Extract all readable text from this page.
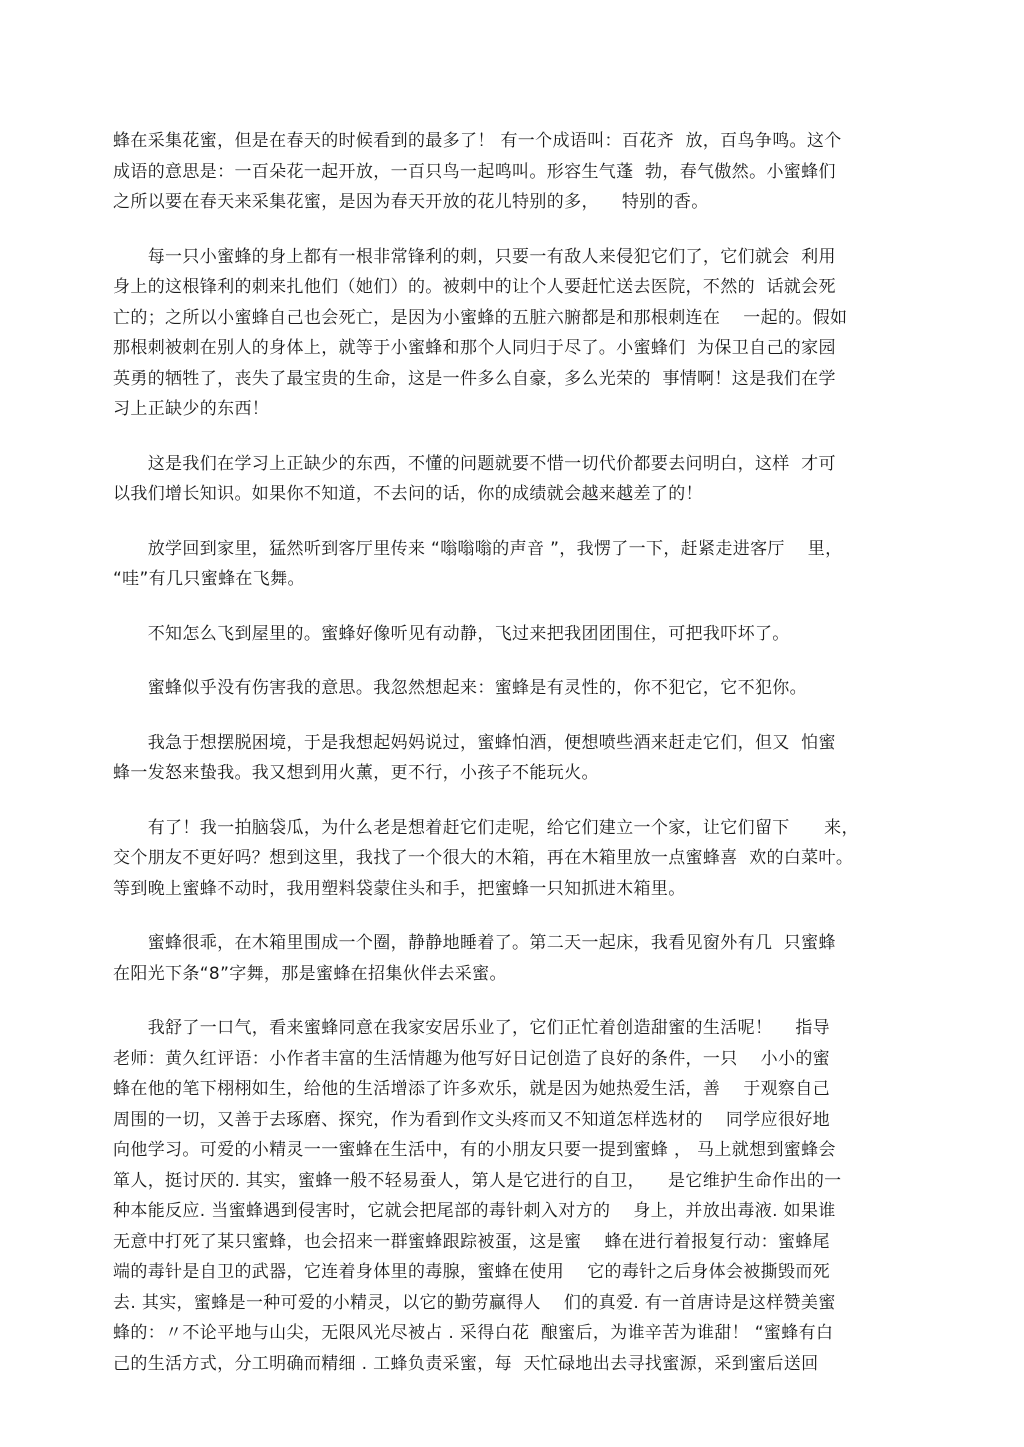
蜂在采集花蜜，但是在春天的时候看到的最多了！ 有一个成语叫：百花齐  放，百鸟争鸣。这个
成语的意思是：一百朵花一起开放，一百只鸟一起鸣叫。形容生气蓬  勃，春气傲然。小蜜蜂们
之所以要在春天来采集花蜜，是因为春天开放的花儿特别的多，    特别的香。

　　每一只小蜜蜂的身上都有一根非常锋利的刺，只要一有敌人来侵犯它们了，它们就会  利用
身上的这根锋利的刺来扎他们（她们）的。被刺中的让个人要赶忙送去医院，不然的  话就会死
亡的；之所以小蜜蜂自己也会死亡，是因为小蜜蜂的五脏六腑都是和那根刺连在    一起的。假如
那根刺被刺在别人的身体上，就等于小蜜蜂和那个人同归于尽了。小蜜蜂们  为保卫自己的家园
英勇的牺牲了，丧失了最宝贵的生命，这是一件多么自豪，多么光荣的  事情啊！这是我们在学
习上正缺少的东西！

　　这是我们在学习上正缺少的东西，不懂的问题就要不惜一切代价都要去问明白，这样  才可
以我们增长知识。如果你不知道，不去问的话，你的成绩就会越来越差了的！

　　放学回到家里，猛然听到客厅里传来 “嗡嗡嗡的声音 ”，我愣了一下，赶紧走进客厅    里，
“哇”有几只蜜蜂在飞舞。

　　不知怎么飞到屋里的。蜜蜂好像听见有动静，飞过来把我团团围住，可把我吓坏了。

　　蜜蜂似乎没有伤害我的意思。我忽然想起来：蜜蜂是有灵性的，你不犯它，它不犯你。

　　我急于想摆脱困境，于是我想起妈妈说过，蜜蜂怕酒，便想喷些酒来赶走它们，但又  怕蜜
蜂一发怒来蛰我。我又想到用火薰，更不行，小孩子不能玩火。

　　有了！我一拍脑袋瓜，为什么老是想着赶它们走呢，给它们建立一个家，让它们留下      来，
交个朋友不更好吗？想到这里，我找了一个很大的木箱，再在木箱里放一点蜜蜂喜  欢的白菜叶。
等到晚上蜜蜂不动时，我用塑料袋蒙住头和手，把蜜蜂一只知抓进木箱里。

　　蜜蜂很乖，在木箱里围成一个圈，静静地睡着了。第二天一起床，我看见窗外有几  只蜜蜂
在阳光下条“8”字舞，那是蜜蜂在招集伙伴去采蜜。

　　我舒了一口气，看来蜜蜂同意在我家安居乐业了，它们正忙着创造甜蜜的生活呢！    指导
老师：黄久红评语：小作者丰富的生活情趣为他写好日记创造了良好的条件，一只    小小的蜜
蜂在他的笔下栩栩如生，给他的生活增添了许多欢乐，就是因为她热爱生活，善    于观察自己
周围的一切，又善于去琢磨、探究，作为看到作文头疼而又不知道怎样选材的    同学应很好地
向他学习。可爱的小精灵一一蜜蜂在生活中，有的小朋友只要一提到蜜蜂 ， 马上就想到蜜蜂会
箪人，挺讨厌的. 其实，蜜蜂一般不轻易蚕人，第人是它进行的自卫，    是它维护生命作出的一
种本能反应. 当蜜蜂遇到侵害时，它就会把尾部的毒针刺入对方的    身上，并放出毒液. 如果谁
无意中打死了某只蜜蜂，也会招来一群蜜蜂跟踪被蛋，这是蜜    蜂在进行着报复行动：蜜蜂尾
端的毒针是自卫的武器，它连着身体里的毒腺，蜜蜂在使用    它的毒针之后身体会被撕毁而死
去. 其实，蜜蜂是一种可爱的小精灵，以它的勤劳赢得人    们的真爱. 有一首唐诗是这样赞美蜜
蜂的：〃不论平地与山尖，无限风光尽被占 . 采得白花  酿蜜后，为谁辛苦为谁甜！ “蜜蜂有白
己的生活方式，分工明确而精细 . 工蜂负责采蜜，每  天忙碌地出去寻找蜜源，采到蜜后送回
